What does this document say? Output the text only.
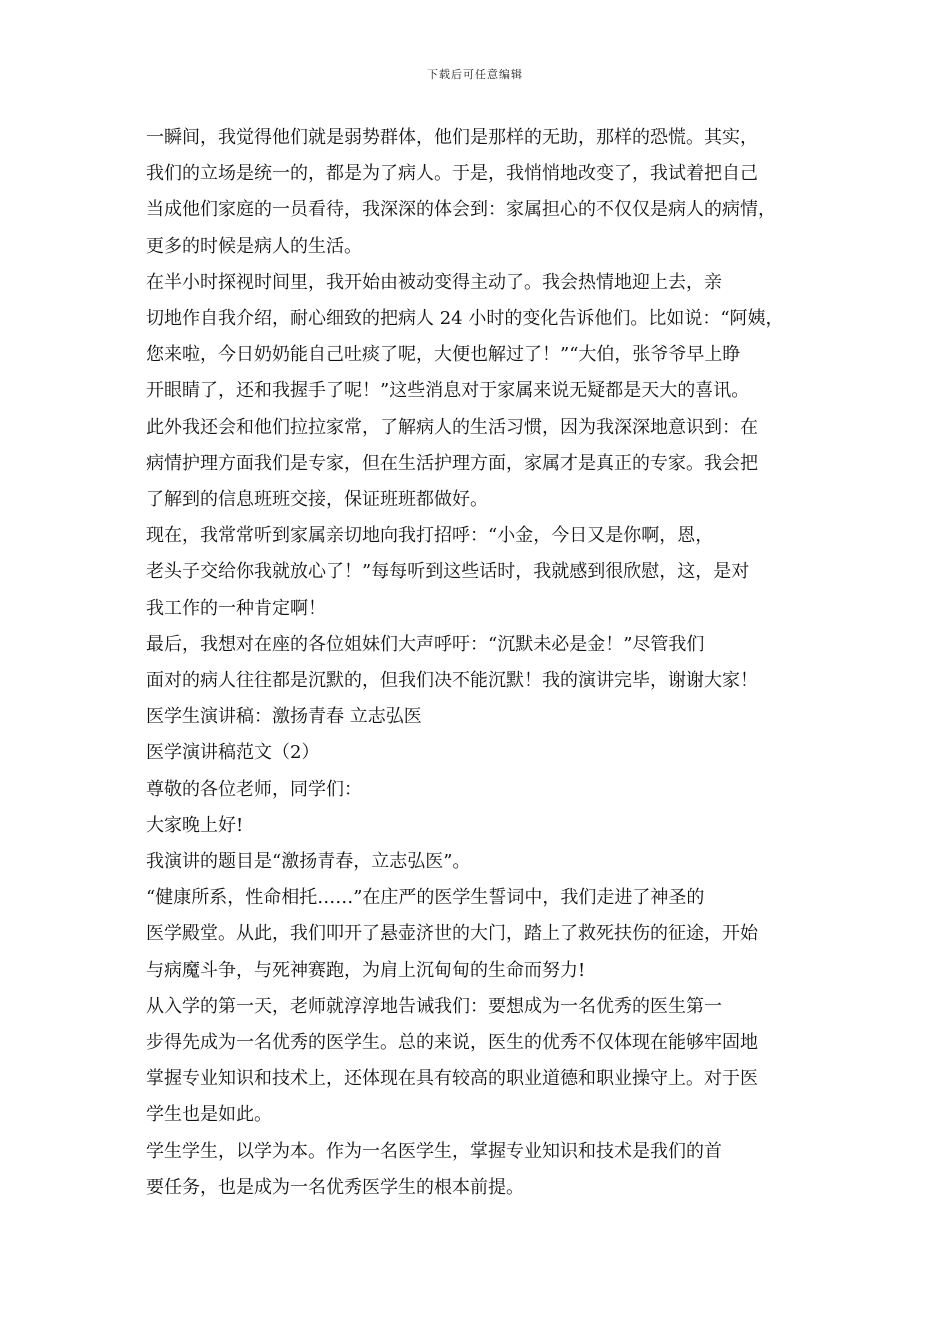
下载后可任意编辑

一瞬间，我觉得他们就是弱势群体，他们是那样的无助，那样的恐慌。其实，

我们的立场是统一的，都是为了病人。于是，我悄悄地改变了，我试着把自己

当成他们家庭的一员看待，我深深的体会到：家属担心的不仅仅是病人的病情，

更多的时候是病人的生活。

在半小时探视时间里，我开始由被动变得主动了。我会热情地迎上去，亲

切地作自我介绍，耐心细致的把病人 24 小时的变化告诉他们。比如说：“阿姨，

您来啦，今日奶奶能自己吐痰了呢，大便也解过了！”“大伯，张爷爷早上睁

开眼睛了，还和我握手了呢！”这些消息对于家属来说无疑都是天大的喜讯。

此外我还会和他们拉拉家常，了解病人的生活习惯，因为我深深地意识到：在

病情护理方面我们是专家，但在生活护理方面，家属才是真正的专家。我会把

了解到的信息班班交接，保证班班都做好。

现在，我常常听到家属亲切地向我打招呼：“小金，今日又是你啊，恩，

老头子交给你我就放心了！”每每听到这些话时，我就感到很欣慰，这，是对

我工作的一种肯定啊！

最后，我想对在座的各位姐妹们大声呼吁：“沉默未必是金！”尽管我们

面对的病人往往都是沉默的，但我们决不能沉默！我的演讲完毕，谢谢大家！

医学生演讲稿：激扬青春 立志弘医

医学演讲稿范文（2）

尊敬的各位老师，同学们：

大家晚上好!

我演讲的题目是“激扬青春，立志弘医”。

“健康所系，性命相托……”在庄严的医学生誓词中，我们走进了神圣的

医学殿堂。从此，我们叩开了悬壶济世的大门，踏上了救死扶伤的征途，开始

与病魔斗争，与死神赛跑，为肩上沉甸甸的生命而努力!

从入学的第一天，老师就淳淳地告诫我们：要想成为一名优秀的医生第一

步得先成为一名优秀的医学生。总的来说，医生的优秀不仅体现在能够牢固地

掌握专业知识和技术上，还体现在具有较高的职业道德和职业操守上。对于医

学生也是如此。

学生学生，以学为本。作为一名医学生，掌握专业知识和技术是我们的首

要任务，也是成为一名优秀医学生的根本前提。
